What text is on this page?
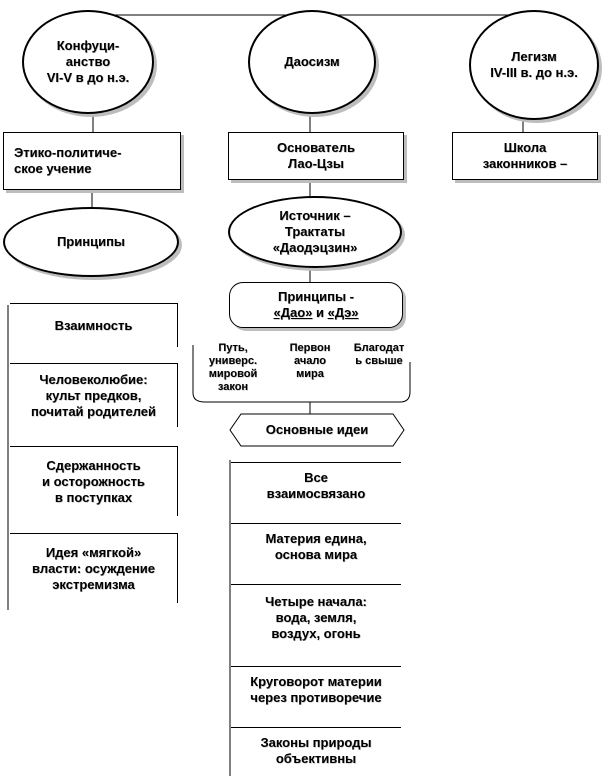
Конфуци-
анство
VI-V в до н.э.
Этико-политиче-
ское учение
Принципы
Взаимность
Человеколюбие:
культ предков,
почитай родителей
Сдержанность
и осторожность
в поступках
Идея «мягкой»
власти: осуждение
экстремизма
Даосизм
Основатель
Лао-Цзы
Источник –
Трактаты
«Даодэцзин»
Принципы -
«Дао» и «Дэ»
Путь,
универс.
мировой
закон
Первон
ачало
мира
Благодат
ь свыше
Основные идеи
Все
взаимосвязано
Материя едина,
основа мира
Четыре начала:
вода, земля,
воздух, огонь
Круговорот материи
через противоречие
Законы природы
объективны
Легизм
IV-III в. до н.э.
Школа
законников –
